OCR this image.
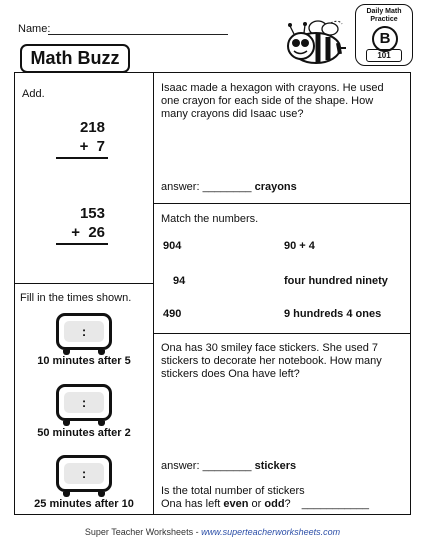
Name:
Math Buzz
Daily Math Practice
B
101
Add.
218
+  7
153
+  26
Fill in the times shown.
:
10 minutes after 5
:
50 minutes after 2
:
25 minutes after 10
Isaac made a hexagon with crayons. He used one crayon for each side of the shape. How many crayons did Isaac use?
answer: ________ crayons
Match the numbers.
904
94
490
90 + 4
four hundred ninety
9 hundreds 4 ones
Ona has 30 smiley face stickers. She used 7 stickers to decorate her notebook. How many stickers does Ona have left?
answer: ________ stickers
Is the total number of stickers
Ona has left even or odd? ___________
Super Teacher Worksheets - www.superteacherworksheets.com
